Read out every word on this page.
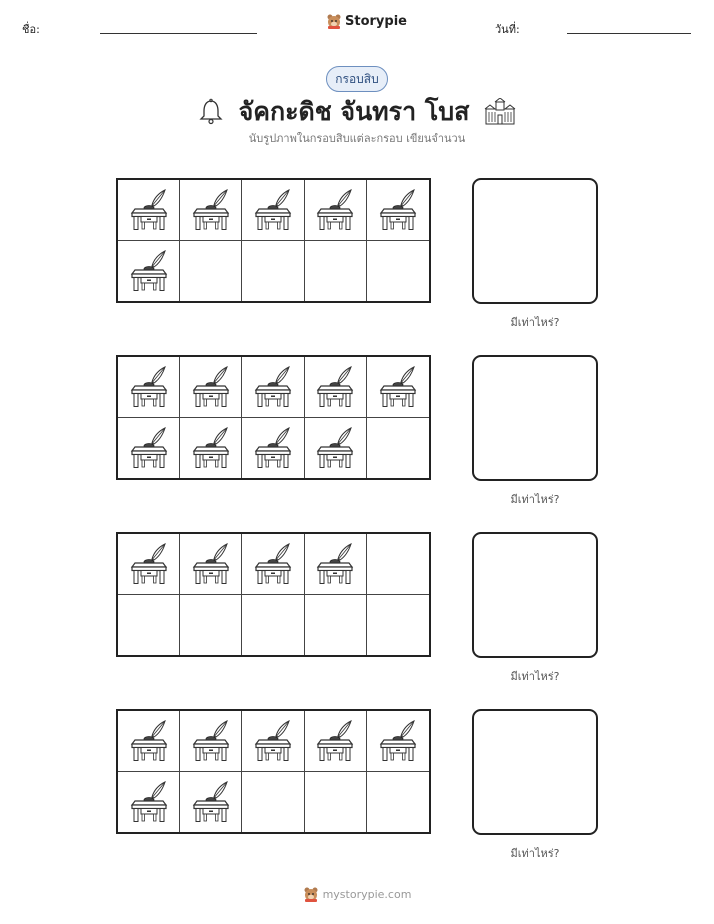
ชื่อ:
Storypie
วันที่:
กรอบสิบ
จัคกะดิช จันทรา โบส
นับรูปภาพในกรอบสิบแต่ละกรอบ เขียนจำนวน
มีเท่าไหร่?
มีเท่าไหร่?
มีเท่าไหร่?
มีเท่าไหร่?
mystorypie.com
